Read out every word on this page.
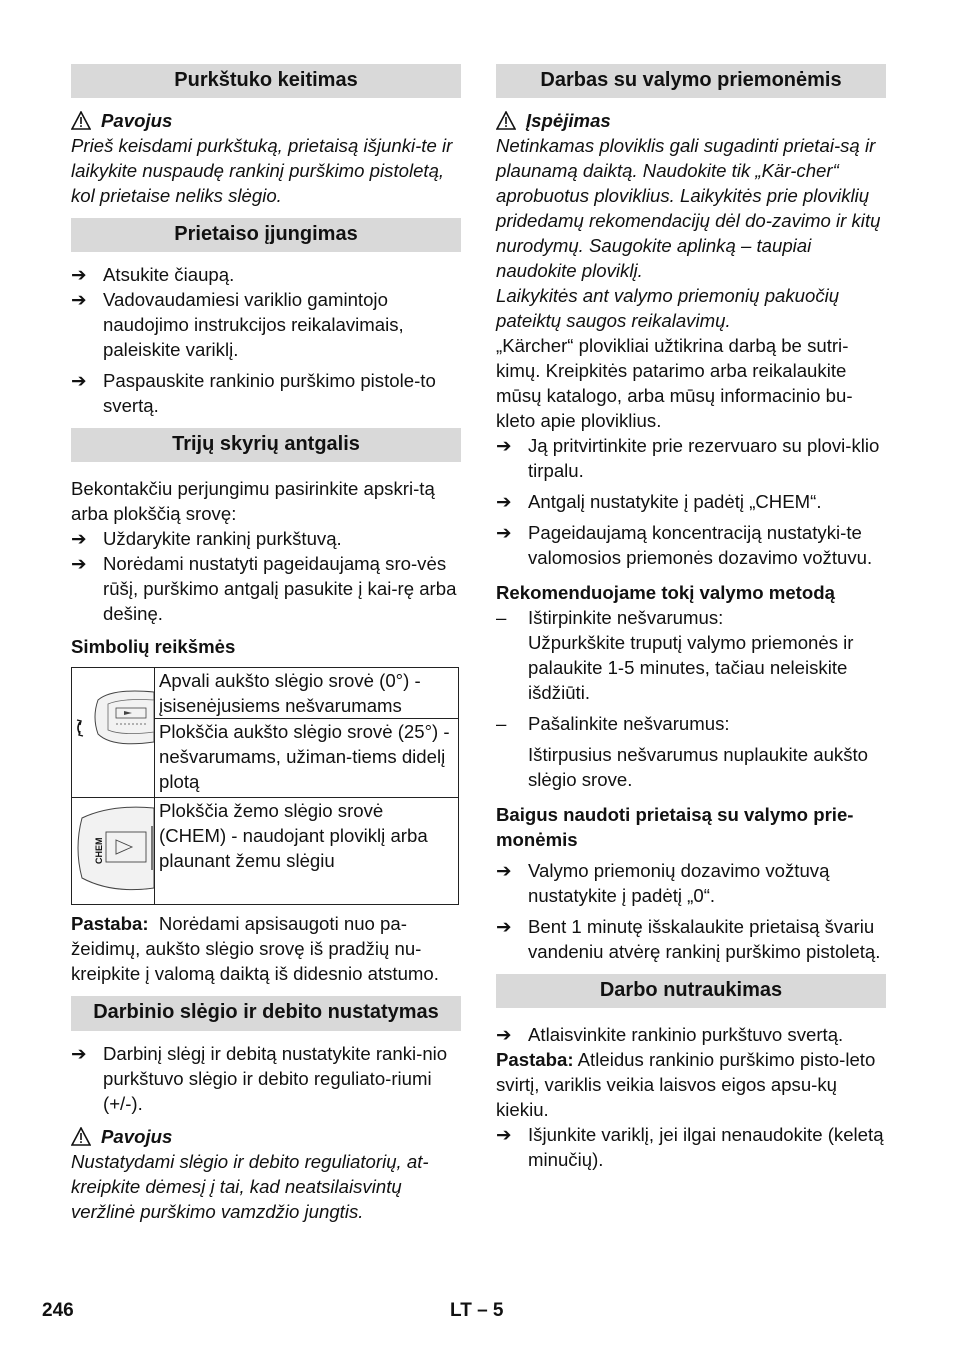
Purkštuko keitimas
Pavojus

Prieš keisdami purkštuką, prietaisą išjunki-te ir laikykite nuspaudę rankinį purškimo pistoletą, kol prietaise neliks slėgio.

Prietaiso įjungimas
➔ Atsukite čiaupą.
➔ Vadovaudamiesi variklio gamintojo naudojimo instrukcijos reikalavimais, paleiskite variklį.
➔ Paspauskite rankinio purškimo pistole-to svertą.
Trijų skyrių antgalis

Bekontakčiu perjungimu pasirinkite apskri-tą arba plokščią srovę:

➔ Uždarykite rankinį purkštuvą.
➔ Norėdami nustatyti pageidaujamą sro-vės rūšį, purškimo antgalį pasukite į kai-rę arba dešinę.
Simbolių reikšmės
	Apvali aukšto slėgio srovė (0°) - įsisenėjusiems nešvarumams
	Plokščia aukšto slėgio srovė (25°) - nešvarumams, užiman-tiems didelį plotą

CHEM	Plokščia žemo slėgio srovė (CHEM) - naudojant ploviklį arba plaunant žemu slėgiu

Pastaba: Norėdami apsisaugoti nuo pa-žeidimų, aukšto slėgio srovę iš pradžių nu-kreipkite į valomą daiktą iš didesnio atstumo.

Darbinio slėgio ir debito nustatymas
➔ Darbinį slėgį ir debitą nustatykite ranki-nio purkštuvo slėgio ir debito reguliato-riumi (+/-).
Pavojus

Nustatydami slėgio ir debito reguliatorių, at-kreipkite dėmesį į tai, kad neatsilaisvintų veržlinė purškimo vamzdžio jungtis.

Darbas su valymo priemonėmis
Įspėjimas

Netinkamas ploviklis gali sugadinti prietai-są ir plaunamą daiktą. Naudokite tik „Kär-cher“ aprobuotus ploviklius. Laikykitės prie ploviklių pridedamų rekomendacijų dėl do-zavimo ir kitų nurodymų. Saugokite aplinką – taupiai naudokite ploviklį.

Laikykitės ant valymo priemonių pakuočių pateiktų saugos reikalavimų.

„Kärcher“ plovikliai užtikrina darbą be sutri-kimų. Kreipkitės patarimo arba reikalaukite mūsų katalogo, arba mūsų informacinio bu-kleto apie ploviklius.

➔ Ją pritvirtinkite prie rezervuaro su plovi-klio tirpalu.
➔ Antgalį nustatykite į padėtį „CHEM“.
➔ Pageidaujamą koncentraciją nustatyki-te valomosios priemonės dozavimo vožtuvu.
Rekomenduojame tokį valymo metodą
–	Ištirpinkite nešvarumus:

Užpurkškite truputį valymo priemonės ir palaukite 1-5 minutes, tačiau neleiskite išdžiūti.

–	Pašalinkite nešvarumus:

Ištirpusius nešvarumus nuplaukite aukšto slėgio srove.

Baigus naudoti prietaisą su valymo prie-monėmis
➔ Valymo priemonių dozavimo vožtuvą nustatykite į padėtį „0“.
➔ Bent 1 minutę išskalaukite prietaisą švariu vandeniu atvėrę rankinį purškimo pistoletą.
Darbo nutraukimas
➔ Atlaisvinkite rankinio purkštuvo svertą.

Pastaba: Atleidus rankinio purškimo pisto-leto svirtį, variklis veikia laisvos eigos apsu-kų kiekiu.

➔ Išjunkite variklį, jei ilgai nenaudokite (keletą minučių).
246	LT – 5
